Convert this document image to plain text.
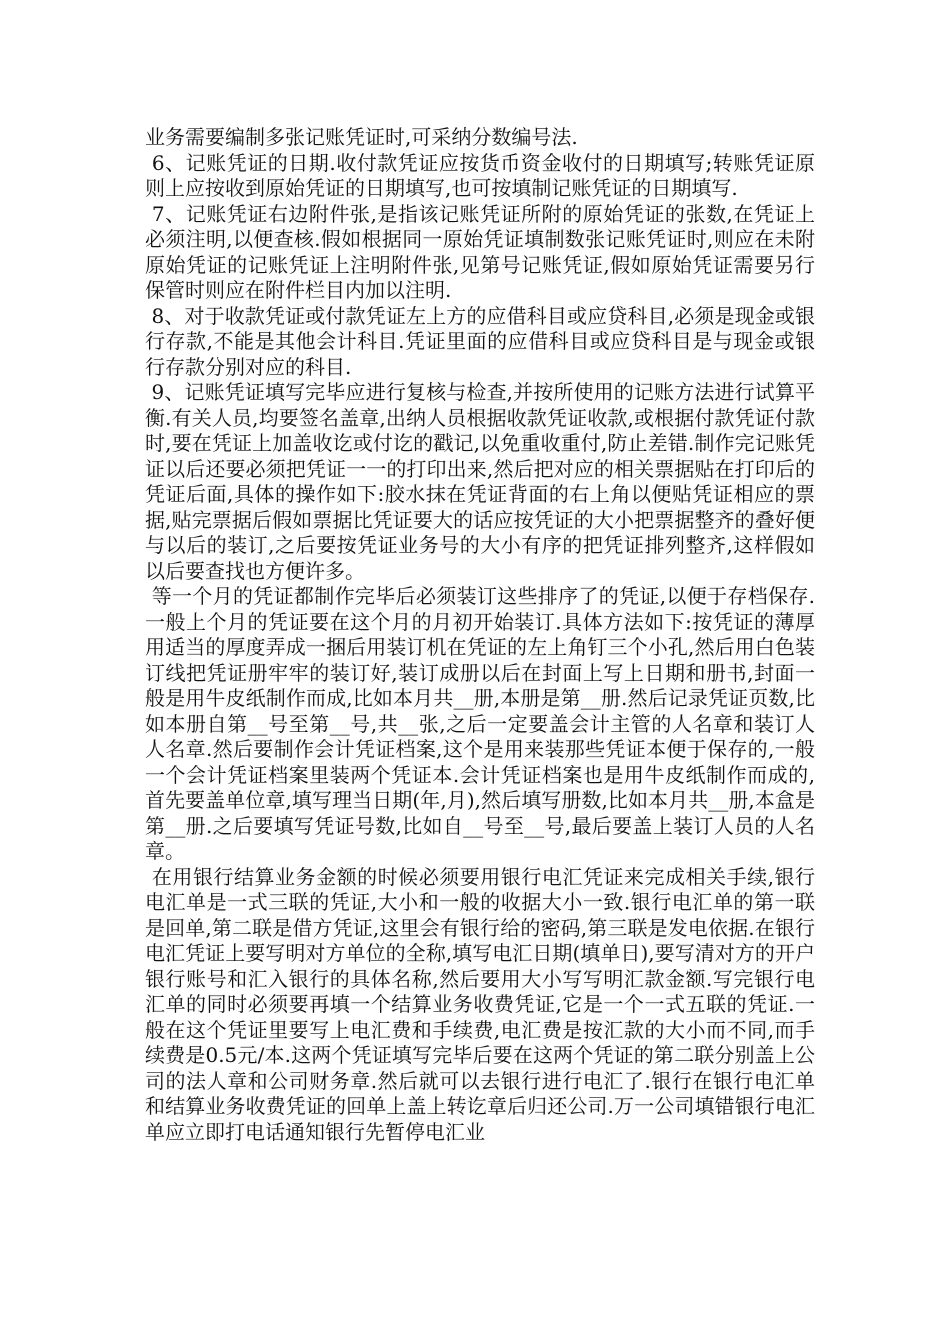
业务需要编制多张记账凭证时,可采纳分数编号法.

6、记账凭证的日期.收付款凭证应按货币资金收付的日期填写;转账凭证原则上应按收到原始凭证的日期填写,也可按填制记账凭证的日期填写.

7、记账凭证右边附件张,是指该记账凭证所附的原始凭证的张数,在凭证上必须注明,以便查核.假如根据同一原始凭证填制数张记账凭证时,则应在未附原始凭证的记账凭证上注明附件张,见第号记账凭证,假如原始凭证需要另行保管时则应在附件栏目内加以注明.

8、对于收款凭证或付款凭证左上方的应借科目或应贷科目,必须是现金或银行存款,不能是其他会计科目.凭证里面的应借科目或应贷科目是与现金或银行存款分别对应的科目.

9、记账凭证填写完毕应进行复核与检查,并按所使用的记账方法进行试算平衡.有关人员,均要签名盖章,出纳人员根据收款凭证收款,或根据付款凭证付款时,要在凭证上加盖收讫或付讫的戳记,以免重收重付,防止差错.制作完记账凭证以后还要必须把凭证一一的打印出来,然后把对应的相关票据贴在打印后的凭证后面,具体的操作如下:胶水抹在凭证背面的右上角以便贴凭证相应的票据,贴完票据后假如票据比凭证要大的话应按凭证的大小把票据整齐的叠好便与以后的装订,之后要按凭证业务号的大小有序的把凭证排列整齐,这样假如以后要查找也方便许多。

等一个月的凭证都制作完毕后必须装订这些排序了的凭证,以便于存档保存.一般上个月的凭证要在这个月的月初开始装订.具体方法如下:按凭证的薄厚用适当的厚度弄成一捆后用装订机在凭证的左上角钉三个小孔,然后用白色装订线把凭证册牢牢的装订好,装订成册以后在封面上写上日期和册书,封面一般是用牛皮纸制作而成,比如本月共__册,本册是第__册.然后记录凭证页数,比如本册自第__号至第__号,共__张,之后一定要盖会计主管的人名章和装订人人名章.然后要制作会计凭证档案,这个是用来装那些凭证本便于保存的,一般一个会计凭证档案里装两个凭证本.会计凭证档案也是用牛皮纸制作而成的,首先要盖单位章,填写理当日期(年,月),然后填写册数,比如本月共__册,本盒是第__册.之后要填写凭证号数,比如自__号至__号,最后要盖上装订人员的人名章。

在用银行结算业务金额的时候必须要用银行电汇凭证来完成相关手续,银行电汇单是一式三联的凭证,大小和一般的收据大小一致.银行电汇单的第一联是回单,第二联是借方凭证,这里会有银行给的密码,第三联是发电依据.在银行电汇凭证上要写明对方单位的全称,填写电汇日期(填单日),要写清对方的开户银行账号和汇入银行的具体名称,然后要用大小写写明汇款金额.写完银行电汇单的同时必须要再填一个结算业务收费凭证,它是一个一式五联的凭证.一般在这个凭证里要写上电汇费和手续费,电汇费是按汇款的大小而不同,而手续费是0.5元/本.这两个凭证填写完毕后要在这两个凭证的第二联分别盖上公司的法人章和公司财务章.然后就可以去银行进行电汇了.银行在银行电汇单和结算业务收费凭证的回单上盖上转讫章后归还公司.万一公司填错银行电汇单应立即打电话通知银行先暂停电汇业
